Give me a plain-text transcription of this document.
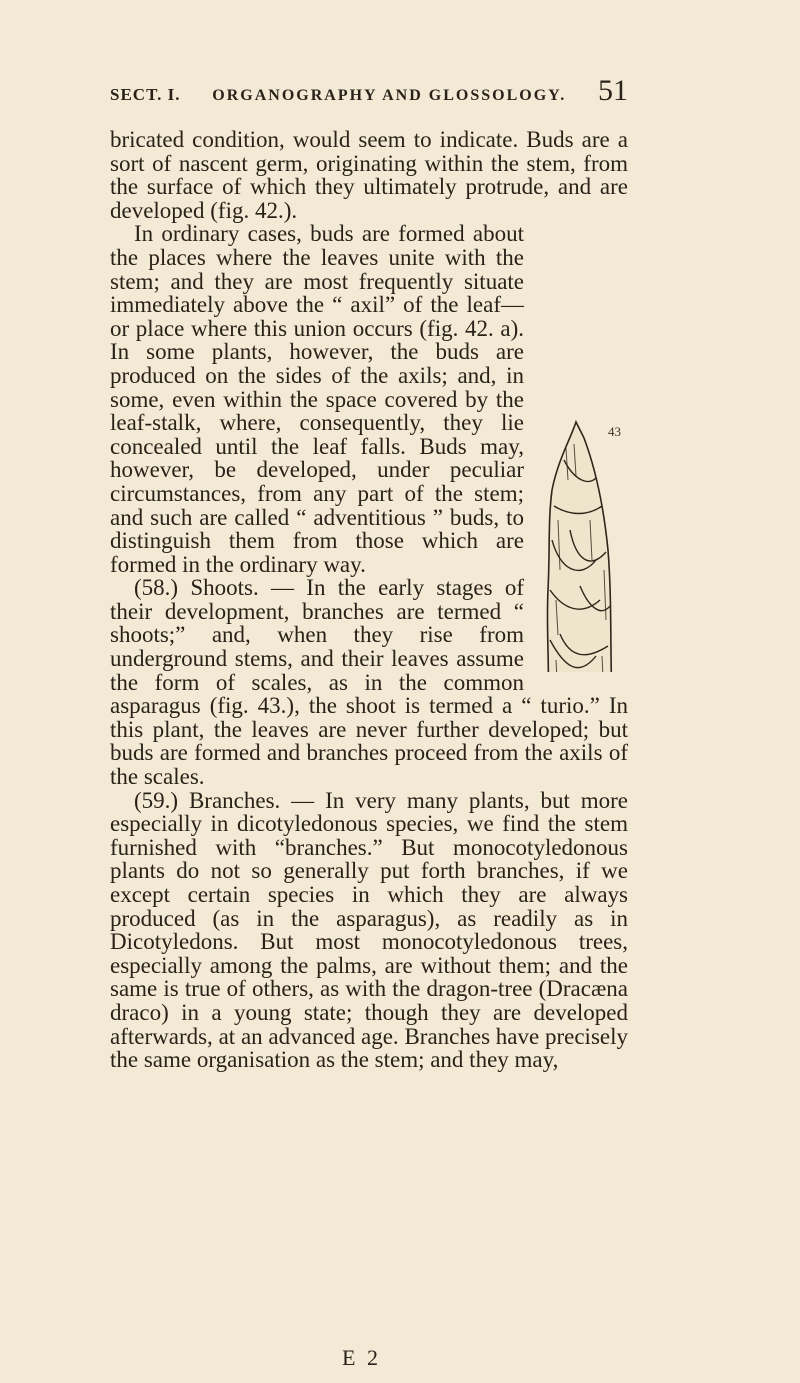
SECT. I. ORGANOGRAPHY AND GLOSSOLOGY. 51

bricated condition, would seem to indicate. Buds are a sort of nascent germ, originating within the stem, from the surface of which they ultimately protrude, and are developed (fig. 42.).

43
In ordinary cases, buds are formed about the places where the leaves unite with the stem; and they are most frequently situate immediately above the “ axil” of the leaf—or place where this union occurs (fig. 42. a). In some plants, however, the buds are produced on the sides of the axils; and, in some, even within the space covered by the leaf-stalk, where, consequently, they lie concealed until the leaf falls. Buds may, however, be developed, under peculiar circumstances, from any part of the stem; and such are called “ adventitious ” buds, to distinguish them from those which are formed in the ordinary way.

(58.) Shoots. — In the early stages of their development, branches are termed “ shoots;” and, when they rise from underground stems, and their leaves assume the form of scales, as in the common asparagus (fig. 43.), the shoot is termed a “ turio.” In this plant, the leaves are never further developed; but buds are formed and branches proceed from the axils of the scales.

(59.) Branches. — In very many plants, but more especially in dicotyledonous species, we find the stem furnished with “branches.” But monocotyledonous plants do not so generally put forth branches, if we except certain species in which they are always produced (as in the asparagus), as readily as in Dicotyledons. But most monocotyledonous trees, especially among the palms, are without them; and the same is true of others, as with the dragon-tree (Dracæna draco) in a young state; though they are developed afterwards, at an advanced age. Branches have precisely the same organisation as the stem; and they may,

E 2
